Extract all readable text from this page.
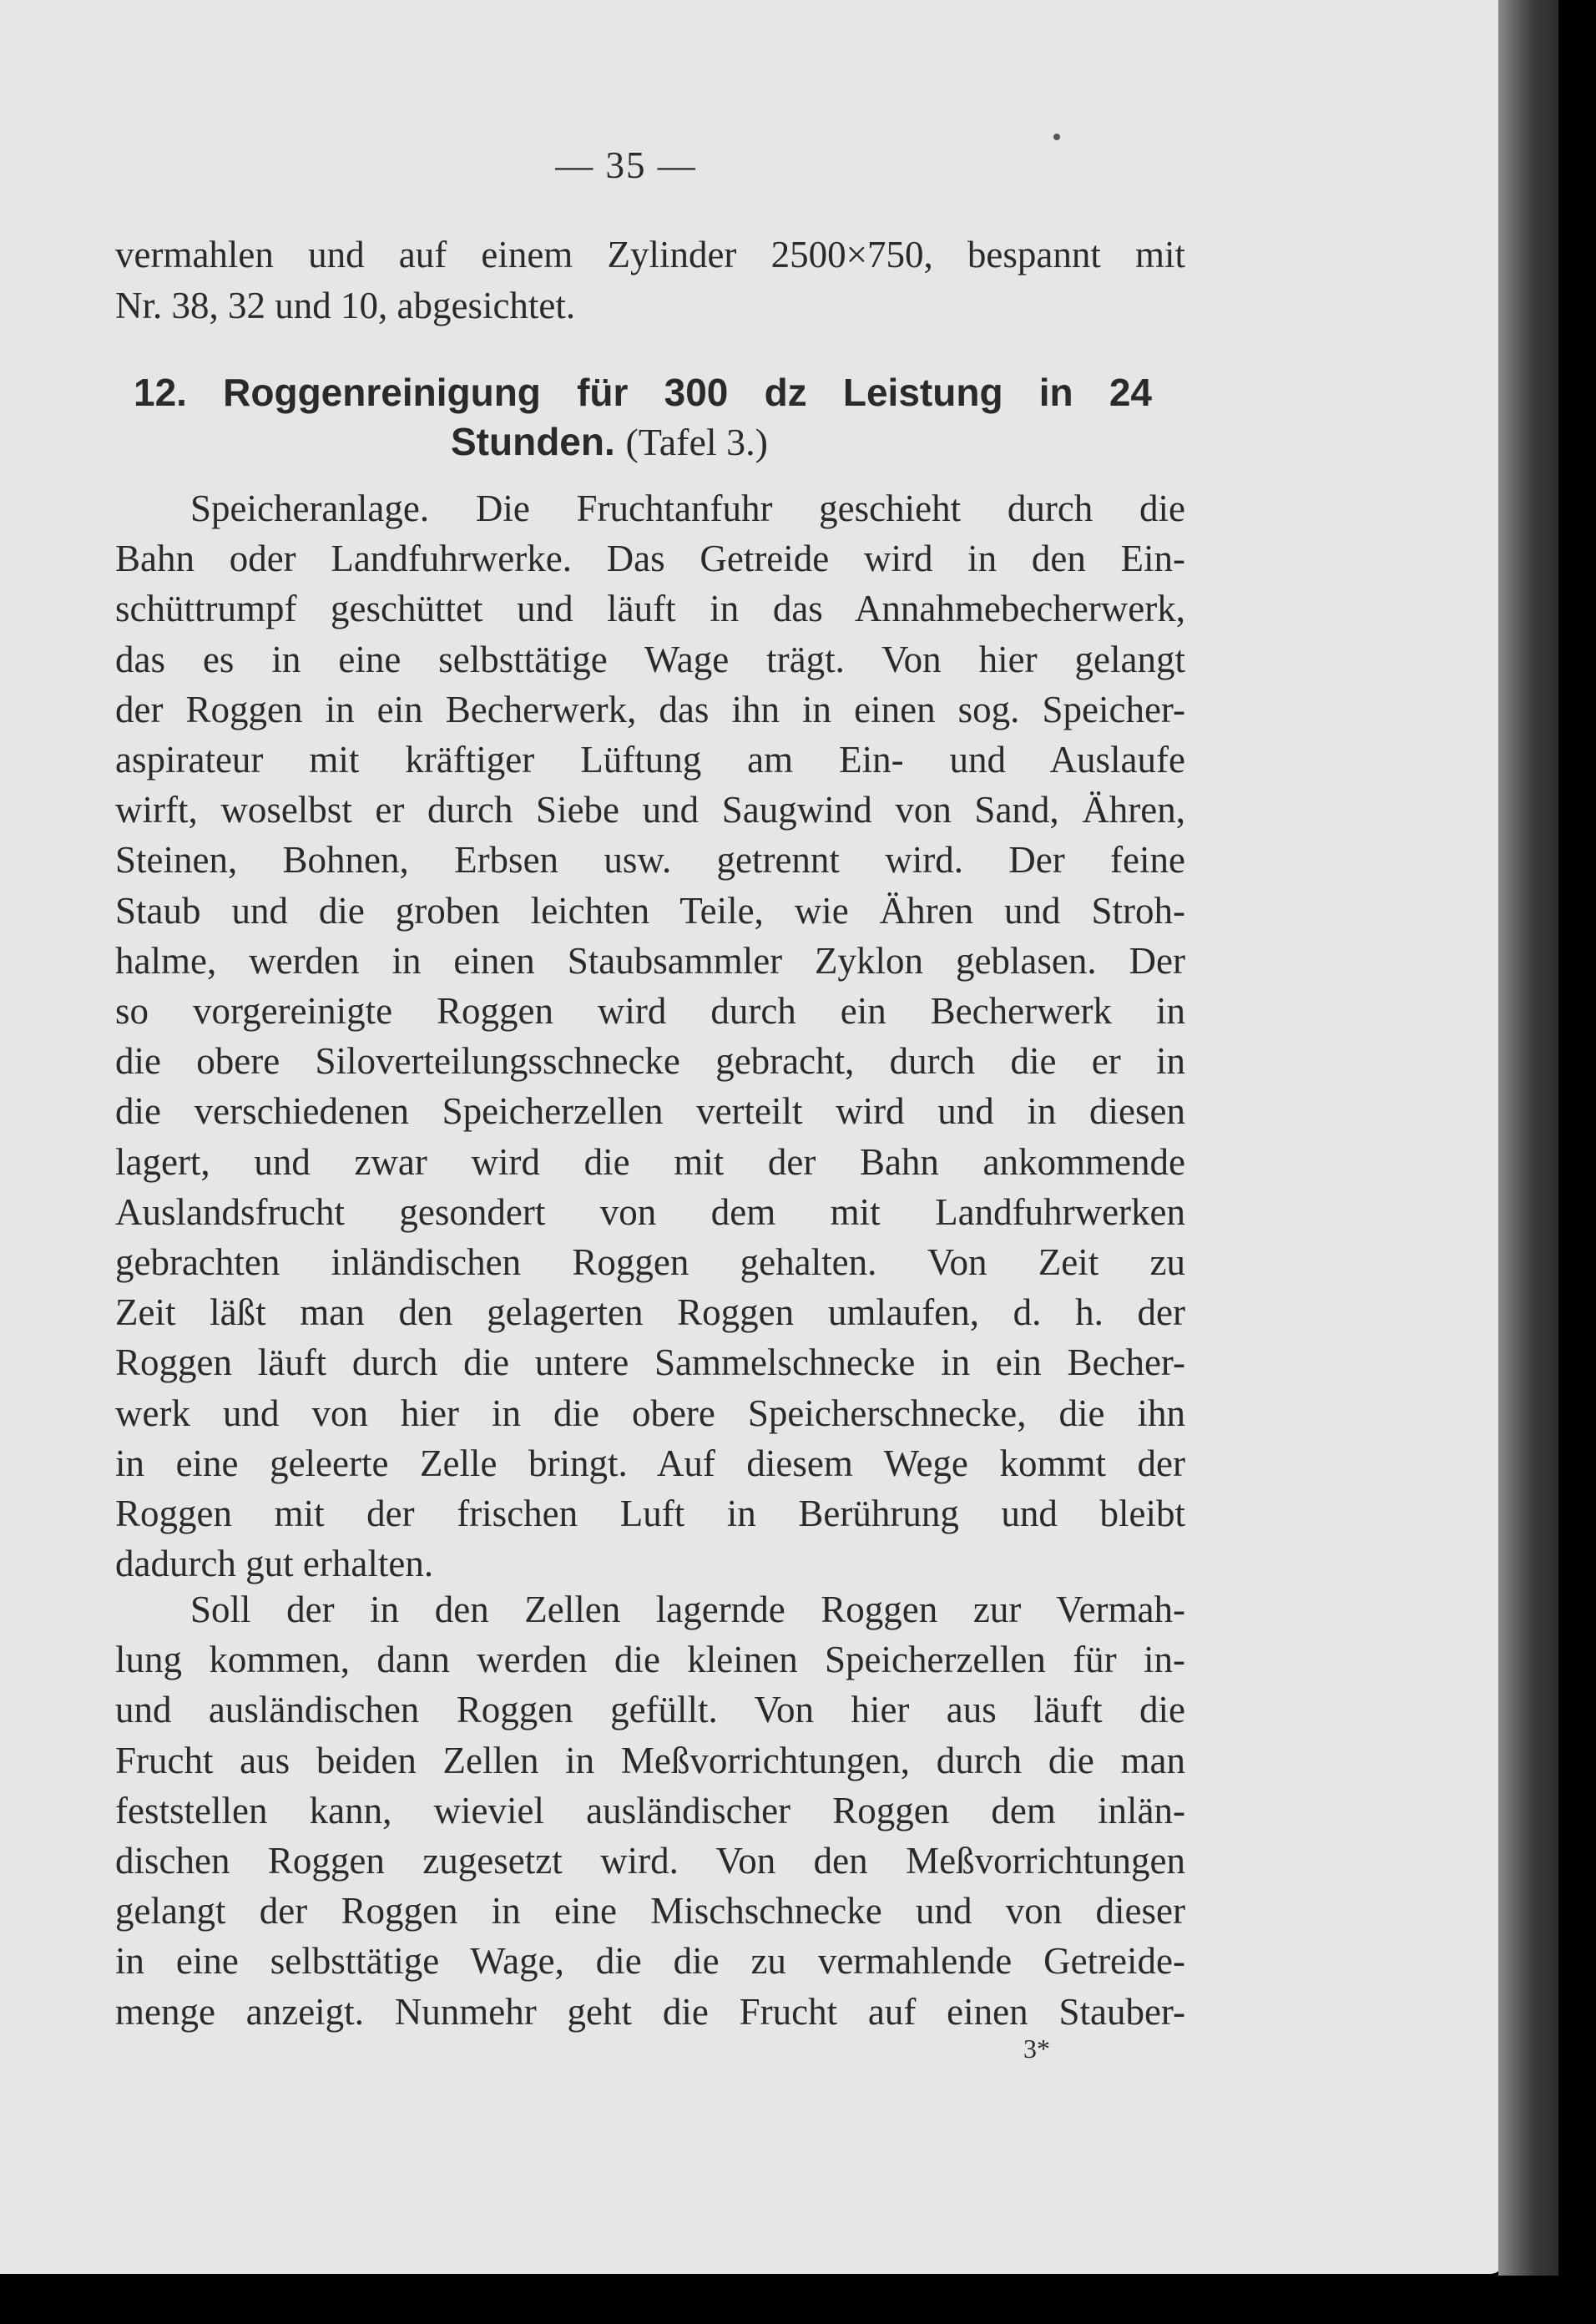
— 35 —
vermahlen und auf einem Zylinder 2500×750, bespannt mit
Nr. 38, 32 und 10, abgesichtet.
12. Roggenreinigung für 300 dz Leistung in 24
Stunden. (Tafel 3.)
Speicheranlage. Die Fruchtanfuhr geschieht durch die
Bahn oder Landfuhrwerke. Das Getreide wird in den Ein-
schüttrumpf geschüttet und läuft in das Annahmebecherwerk,
das es in eine selbsttätige Wage trägt. Von hier gelangt
der Roggen in ein Becherwerk, das ihn in einen sog. Speicher-
aspirateur mit kräftiger Lüftung am Ein- und Auslaufe
wirft, woselbst er durch Siebe und Saugwind von Sand, Ähren,
Steinen, Bohnen, Erbsen usw. getrennt wird. Der feine
Staub und die groben leichten Teile, wie Ähren und Stroh-
halme, werden in einen Staubsammler Zyklon geblasen. Der
so vorgereinigte Roggen wird durch ein Becherwerk in
die obere Siloverteilungsschnecke gebracht, durch die er in
die verschiedenen Speicherzellen verteilt wird und in diesen
lagert, und zwar wird die mit der Bahn ankommende
Auslandsfrucht gesondert von dem mit Landfuhrwerken
gebrachten inländischen Roggen gehalten. Von Zeit zu
Zeit läßt man den gelagerten Roggen umlaufen, d. h. der
Roggen läuft durch die untere Sammelschnecke in ein Becher-
werk und von hier in die obere Speicherschnecke, die ihn
in eine geleerte Zelle bringt. Auf diesem Wege kommt der
Roggen mit der frischen Luft in Berührung und bleibt
dadurch gut erhalten.
Soll der in den Zellen lagernde Roggen zur Vermah-
lung kommen, dann werden die kleinen Speicherzellen für in-
und ausländischen Roggen gefüllt. Von hier aus läuft die
Frucht aus beiden Zellen in Meßvorrichtungen, durch die man
feststellen kann, wieviel ausländischer Roggen dem inlän-
dischen Roggen zugesetzt wird. Von den Meßvorrichtungen
gelangt der Roggen in eine Mischschnecke und von dieser
in eine selbsttätige Wage, die die zu vermahlende Getreide-
menge anzeigt. Nunmehr geht die Frucht auf einen Stauber-
3*
